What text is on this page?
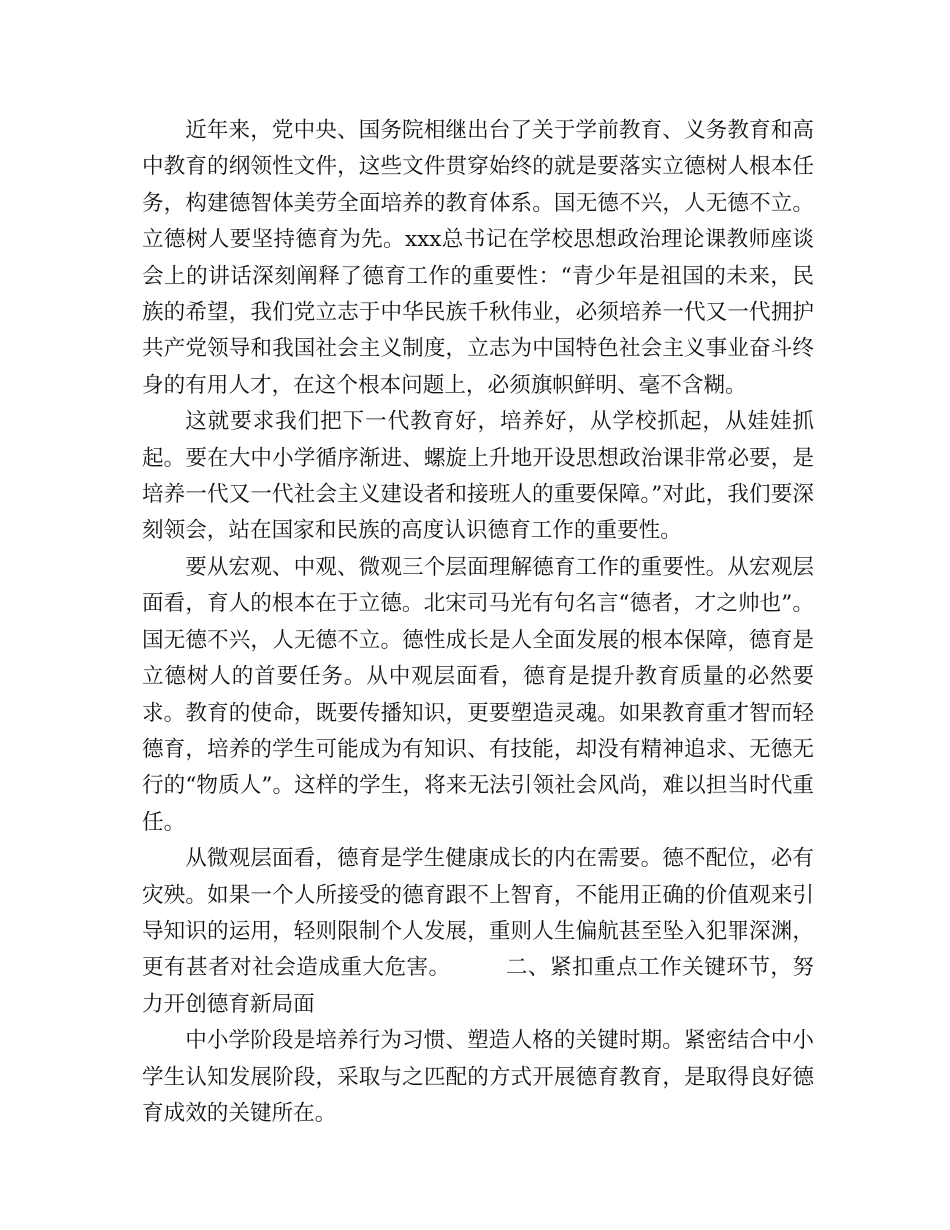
近年来，党中央、国务院相继出台了关于学前教育、义务教育和高中教育的纲领性文件，这些文件贯穿始终的就是要落实立德树人根本任务，构建德智体美劳全面培养的教育体系。国无德不兴，人无德不立。立德树人要坚持德育为先。xxx总书记在学校思想政治理论课教师座谈会上的讲话深刻阐释了德育工作的重要性：“青少年是祖国的未来，民族的希望，我们党立志于中华民族千秋伟业，必须培养一代又一代拥护共产党领导和我国社会主义制度，立志为中国特色社会主义事业奋斗终身的有用人才，在这个根本问题上，必须旗帜鲜明、毫不含糊。

这就要求我们把下一代教育好，培养好，从学校抓起，从娃娃抓起。要在大中小学循序渐进、螺旋上升地开设思想政治课非常必要，是培养一代又一代社会主义建设者和接班人的重要保障。”对此，我们要深刻领会，站在国家和民族的高度认识德育工作的重要性。

要从宏观、中观、微观三个层面理解德育工作的重要性。从宏观层面看，育人的根本在于立德。北宋司马光有句名言“德者，才之帅也”。国无德不兴，人无德不立。德性成长是人全面发展的根本保障，德育是立德树人的首要任务。从中观层面看，德育是提升教育质量的必然要求。教育的使命，既要传播知识，更要塑造灵魂。如果教育重才智而轻德育，培养的学生可能成为有知识、有技能，却没有精神追求、无德无行的“物质人”。这样的学生，将来无法引领社会风尚，难以担当时代重任。

从微观层面看，德育是学生健康成长的内在需要。德不配位，必有灾殃。如果一个人所接受的德育跟不上智育，不能用正确的价值观来引导知识的运用，轻则限制个人发展，重则人生偏航甚至坠入犯罪深渊，更有甚者对社会造成重大危害。　　　二、紧扣重点工作关键环节，努力开创德育新局面

中小学阶段是培养行为习惯、塑造人格的关键时期。紧密结合中小学生认知发展阶段，采取与之匹配的方式开展德育教育，是取得良好德育成效的关键所在。
